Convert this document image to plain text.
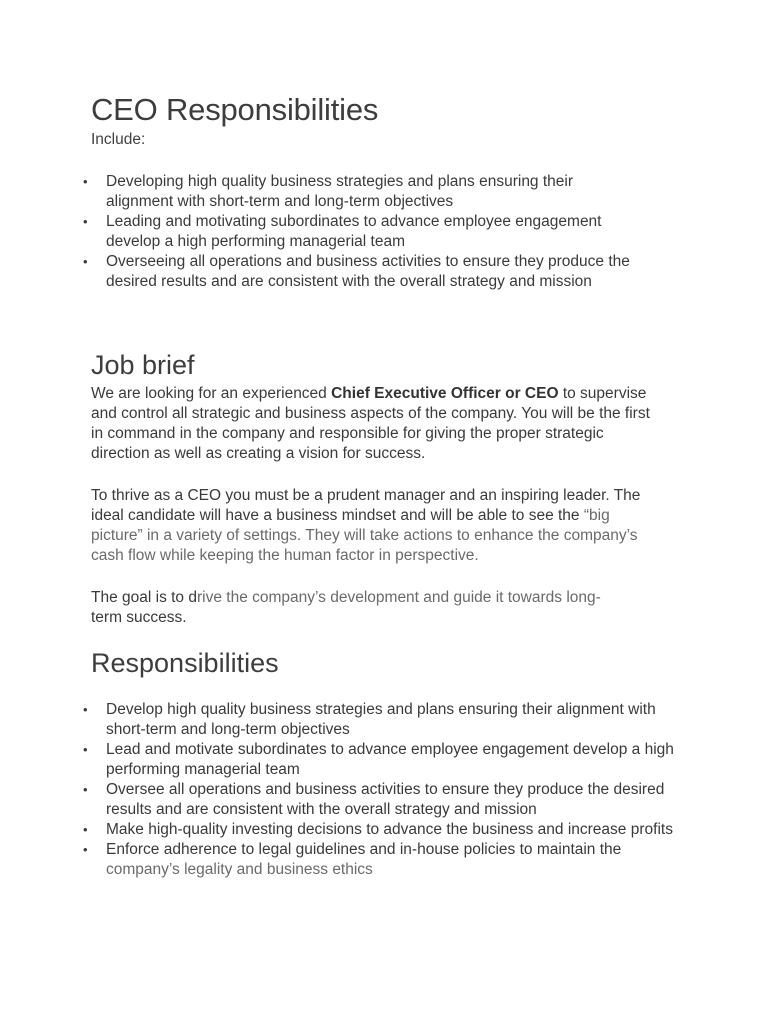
CEO Responsibilities
Include:
• Developing high quality business strategies and plans ensuring their alignment with short-term and long-term objectives
• Leading and motivating subordinates to advance employee engagement develop a high performing managerial team
• Overseeing all operations and business activities to ensure they produce the desired results and are consistent with the overall strategy and mission
Job brief

We are looking for an experienced Chief Executive Officer or CEO to supervise and control all strategic and business aspects of the company. You will be the first in command in the company and responsible for giving the proper strategic direction as well as creating a vision for success.

To thrive as a CEO you must be a prudent manager and an inspiring leader. The ideal candidate will have a business mindset and will be able to see the “big picture” in a variety of settings. They will take actions to enhance the company’s cash flow while keeping the human factor in perspective.

The goal is to drive the company’s development and guide it towards long-
term success.

Responsibilities
• Develop high quality business strategies and plans ensuring their alignment with short-term and long-term objectives
• Lead and motivate subordinates to advance employee engagement develop a high performing managerial team
• Oversee all operations and business activities to ensure they produce the desired results and are consistent with the overall strategy and mission
• Make high-quality investing decisions to advance the business and increase profits
• Enforce adherence to legal guidelines and in-house policies to maintain the company’s legality and business ethics
